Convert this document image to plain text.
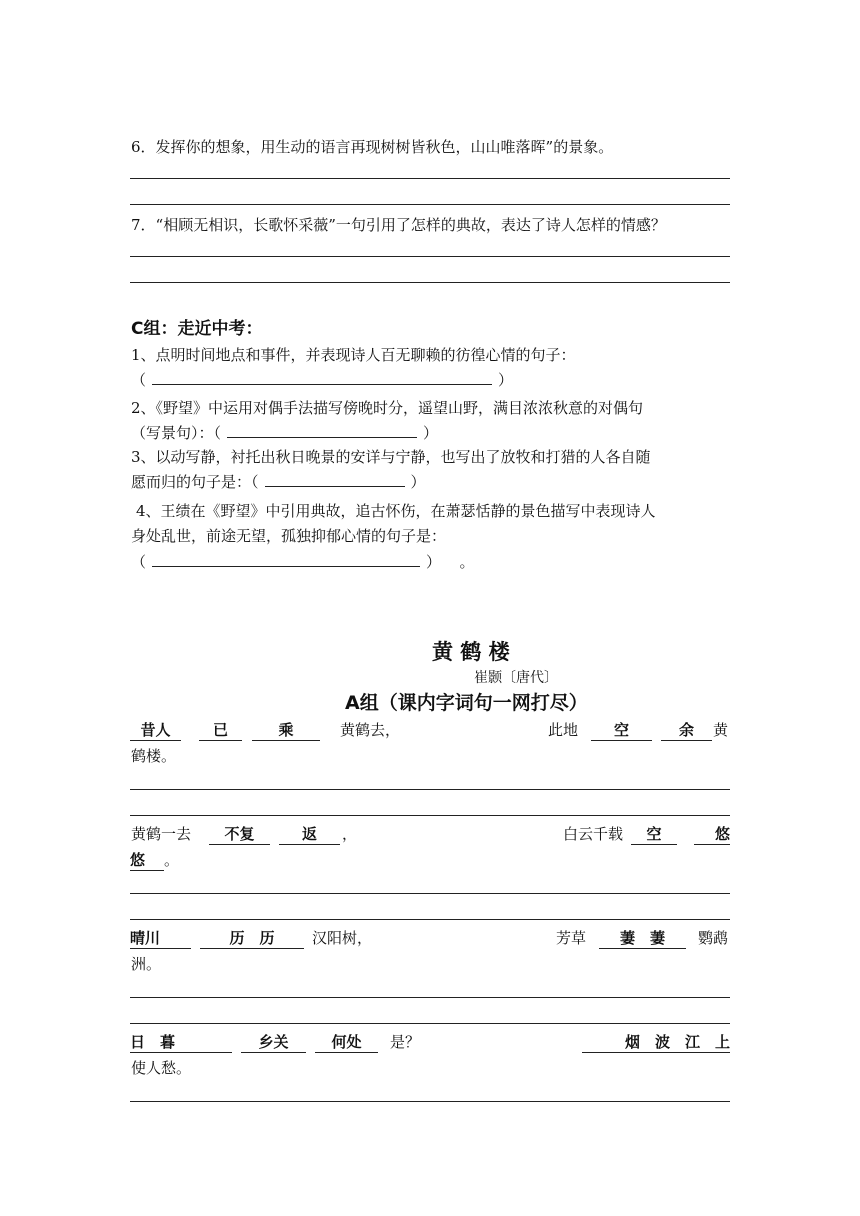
6．发挥你的想象，用生动的语言再现树树皆秋色，山山唯落晖”的景象。
7．“相顾无相识，长歌怀采薇”一句引用了怎样的典故，表达了诗人怎样的情感？
C组：走近中考：
1、点明时间地点和事件，并表现诗人百无聊赖的彷徨心情的句子：
（	）
2、《野望》中运用对偶手法描写傍晚时分，遥望山野，满目浓浓秋意的对偶句
（写景句）：（	）
3、以动写静，衬托出秋日晚景的安详与宁静，也写出了放牧和打猎的人各自随
愿而归的句子是：（	）
4、王绩在《野望》中引用典故，追古怀伤，在萧瑟恬静的景色描写中表现诗人
身处乱世，前途无望，孤独抑郁心情的句子是：
（	） 。
黄 鹤 楼
崔颢〔唐代〕
A组（课内字词句一网打尽）
昔人	已	乘	黄鹤去，	此地	空	余	黄
鹤楼。
黄鹤一去	不复	返	，	白云千载	空	悠
悠	。
晴川	历　历	汉阳树，	芳草	萋　萋	鹦鹉
洲。
日　暮	乡关	何处	是？	烟　波　江　上
使人愁。
